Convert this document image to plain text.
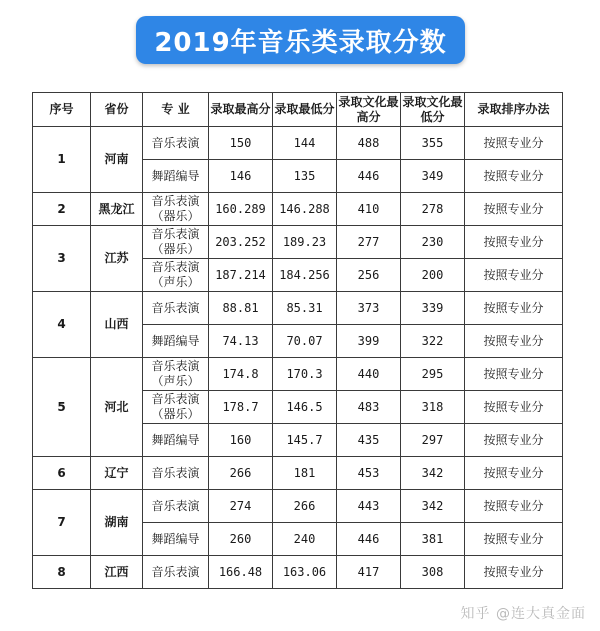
2019年音乐类录取分数
序号	省份	专 业	录取最高分	录取最低分	录取文化最高分	录取文化最低分	录取排序办法
1	河南	音乐表演	150	144	488	355	按照专业分
		舞蹈编导	146	135	446	349	按照专业分
2	黑龙江	音乐表演（器乐）	160.289	146.288	410	278	按照专业分
3	江苏	音乐表演（器乐）	203.252	189.23	277	230	按照专业分
		音乐表演（声乐）	187.214	184.256	256	200	按照专业分
4	山西	音乐表演	88.81	85.31	373	339	按照专业分
		舞蹈编导	74.13	70.07	399	322	按照专业分
5	河北	音乐表演（声乐）	174.8	170.3	440	295	按照专业分
		音乐表演（器乐）	178.7	146.5	483	318	按照专业分
		舞蹈编导	160	145.7	435	297	按照专业分
6	辽宁	音乐表演	266	181	453	342	按照专业分
7	湖南	音乐表演	274	266	443	342	按照专业分
		舞蹈编导	260	240	446	381	按照专业分
8	江西	音乐表演	166.48	163.06	417	308	按照专业分
知乎 @连大真金面
